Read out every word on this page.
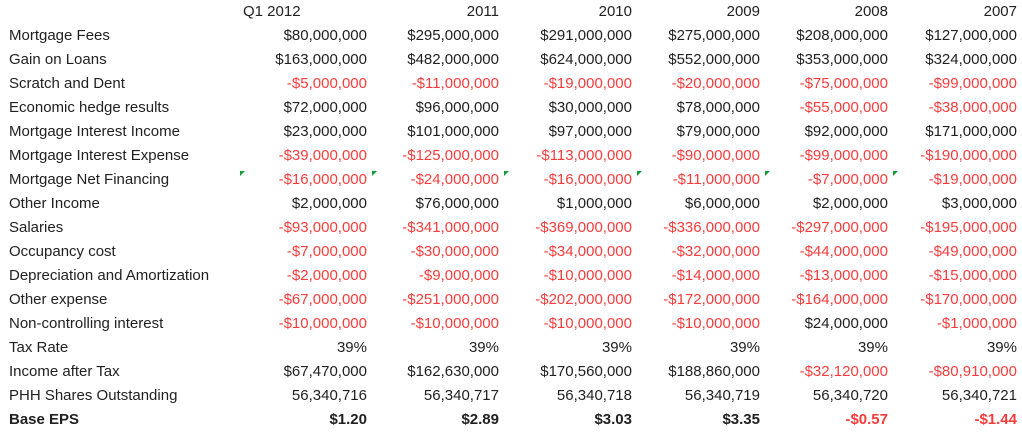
	Q1 2012	2011	2010	2009	2008	2007
Mortgage Fees	$80,000,000	$295,000,000	$291,000,000	$275,000,000	$208,000,000	$127,000,000
Gain on Loans	$163,000,000	$482,000,000	$624,000,000	$552,000,000	$353,000,000	$324,000,000
Scratch and Dent	-$5,000,000	-$11,000,000	-$19,000,000	-$20,000,000	-$75,000,000	-$99,000,000
Economic hedge results	$72,000,000	$96,000,000	$30,000,000	$78,000,000	-$55,000,000	-$38,000,000
Mortgage Interest Income	$23,000,000	$101,000,000	$97,000,000	$79,000,000	$92,000,000	$171,000,000
Mortgage Interest Expense	-$39,000,000	-$125,000,000	-$113,000,000	-$90,000,000	-$99,000,000	-$190,000,000
Mortgage Net Financing	-$16,000,000	-$24,000,000	-$16,000,000	-$11,000,000	-$7,000,000	-$19,000,000
Other Income	$2,000,000	$76,000,000	$1,000,000	$6,000,000	$2,000,000	$3,000,000
Salaries	-$93,000,000	-$341,000,000	-$369,000,000	-$336,000,000	-$297,000,000	-$195,000,000
Occupancy cost	-$7,000,000	-$30,000,000	-$34,000,000	-$32,000,000	-$44,000,000	-$49,000,000
Depreciation and Amortization	-$2,000,000	-$9,000,000	-$10,000,000	-$14,000,000	-$13,000,000	-$15,000,000
Other expense	-$67,000,000	-$251,000,000	-$202,000,000	-$172,000,000	-$164,000,000	-$170,000,000
Non-controlling interest	-$10,000,000	-$10,000,000	-$10,000,000	-$10,000,000	$24,000,000	-$1,000,000
Tax Rate	39%	39%	39%	39%	39%	39%
Income after Tax	$67,470,000	$162,630,000	$170,560,000	$188,860,000	-$32,120,000	-$80,910,000
PHH Shares Outstanding	56,340,716	56,340,717	56,340,718	56,340,719	56,340,720	56,340,721
Base EPS	$1.20	$2.89	$3.03	$3.35	-$0.57	-$1.44
